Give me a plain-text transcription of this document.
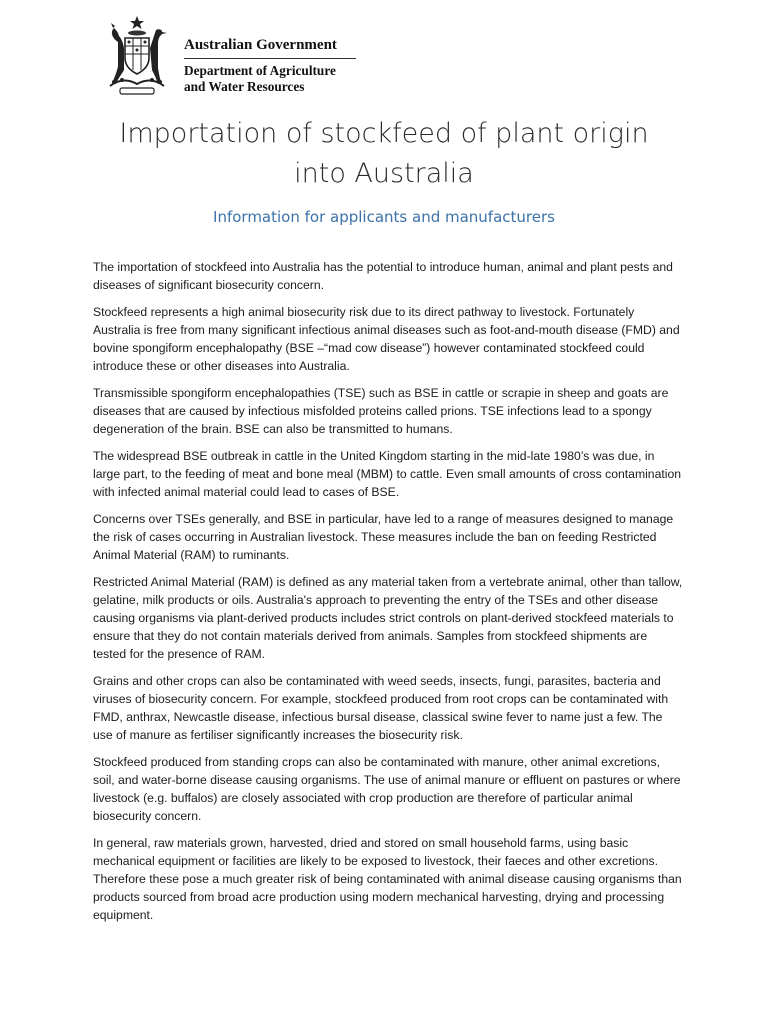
Australian Government
Department of Agriculture
and Water Resources
Importation of stockfeed of plant origin
into Australia
Information for applicants and manufacturers

The importation of stockfeed into Australia has the potential to introduce human, animal and plant pests and diseases of significant biosecurity concern.

Stockfeed represents a high animal biosecurity risk due to its direct pathway to livestock. Fortunately Australia is free from many significant infectious animal diseases such as foot-and-mouth disease (FMD) and bovine spongiform encephalopathy (BSE –“mad cow disease”) however contaminated stockfeed could introduce these or other diseases into Australia.

Transmissible spongiform encephalopathies (TSE) such as BSE in cattle or scrapie in sheep and goats are diseases that are caused by infectious misfolded proteins called prions. TSE infections lead to a spongy degeneration of the brain. BSE can also be transmitted to humans.

The widespread BSE outbreak in cattle in the United Kingdom starting in the mid-late 1980’s was due, in large part, to the feeding of meat and bone meal (MBM) to cattle. Even small amounts of cross contamination with infected animal material could lead to cases of BSE.

Concerns over TSEs generally, and BSE in particular, have led to a range of measures designed to manage the risk of cases occurring in Australian livestock. These measures include the ban on feeding Restricted Animal Material (RAM) to ruminants.

Restricted Animal Material (RAM) is defined as any material taken from a vertebrate animal, other than tallow, gelatine, milk products or oils. Australia's approach to preventing the entry of the TSEs and other disease causing organisms via plant-derived products includes strict controls on plant-derived stockfeed materials to ensure that they do not contain materials derived from animals. Samples from stockfeed shipments are tested for the presence of RAM.

Grains and other crops can also be contaminated with weed seeds, insects, fungi, parasites, bacteria and viruses of biosecurity concern. For example, stockfeed produced from root crops can be contaminated with FMD, anthrax, Newcastle disease, infectious bursal disease, classical swine fever to name just a few. The use of manure as fertiliser significantly increases the biosecurity risk.

Stockfeed produced from standing crops can also be contaminated with manure, other animal excretions, soil, and water-borne disease causing organisms. The use of animal manure or effluent on pastures or where livestock (e.g. buffalos) are closely associated with crop production are therefore of particular animal biosecurity concern.

In general, raw materials grown, harvested, dried and stored on small household farms, using basic mechanical equipment or facilities are likely to be exposed to livestock, their faeces and other excretions. Therefore these pose a much greater risk of being contaminated with animal disease causing organisms than products sourced from broad acre production using modern mechanical harvesting, drying and processing equipment.
